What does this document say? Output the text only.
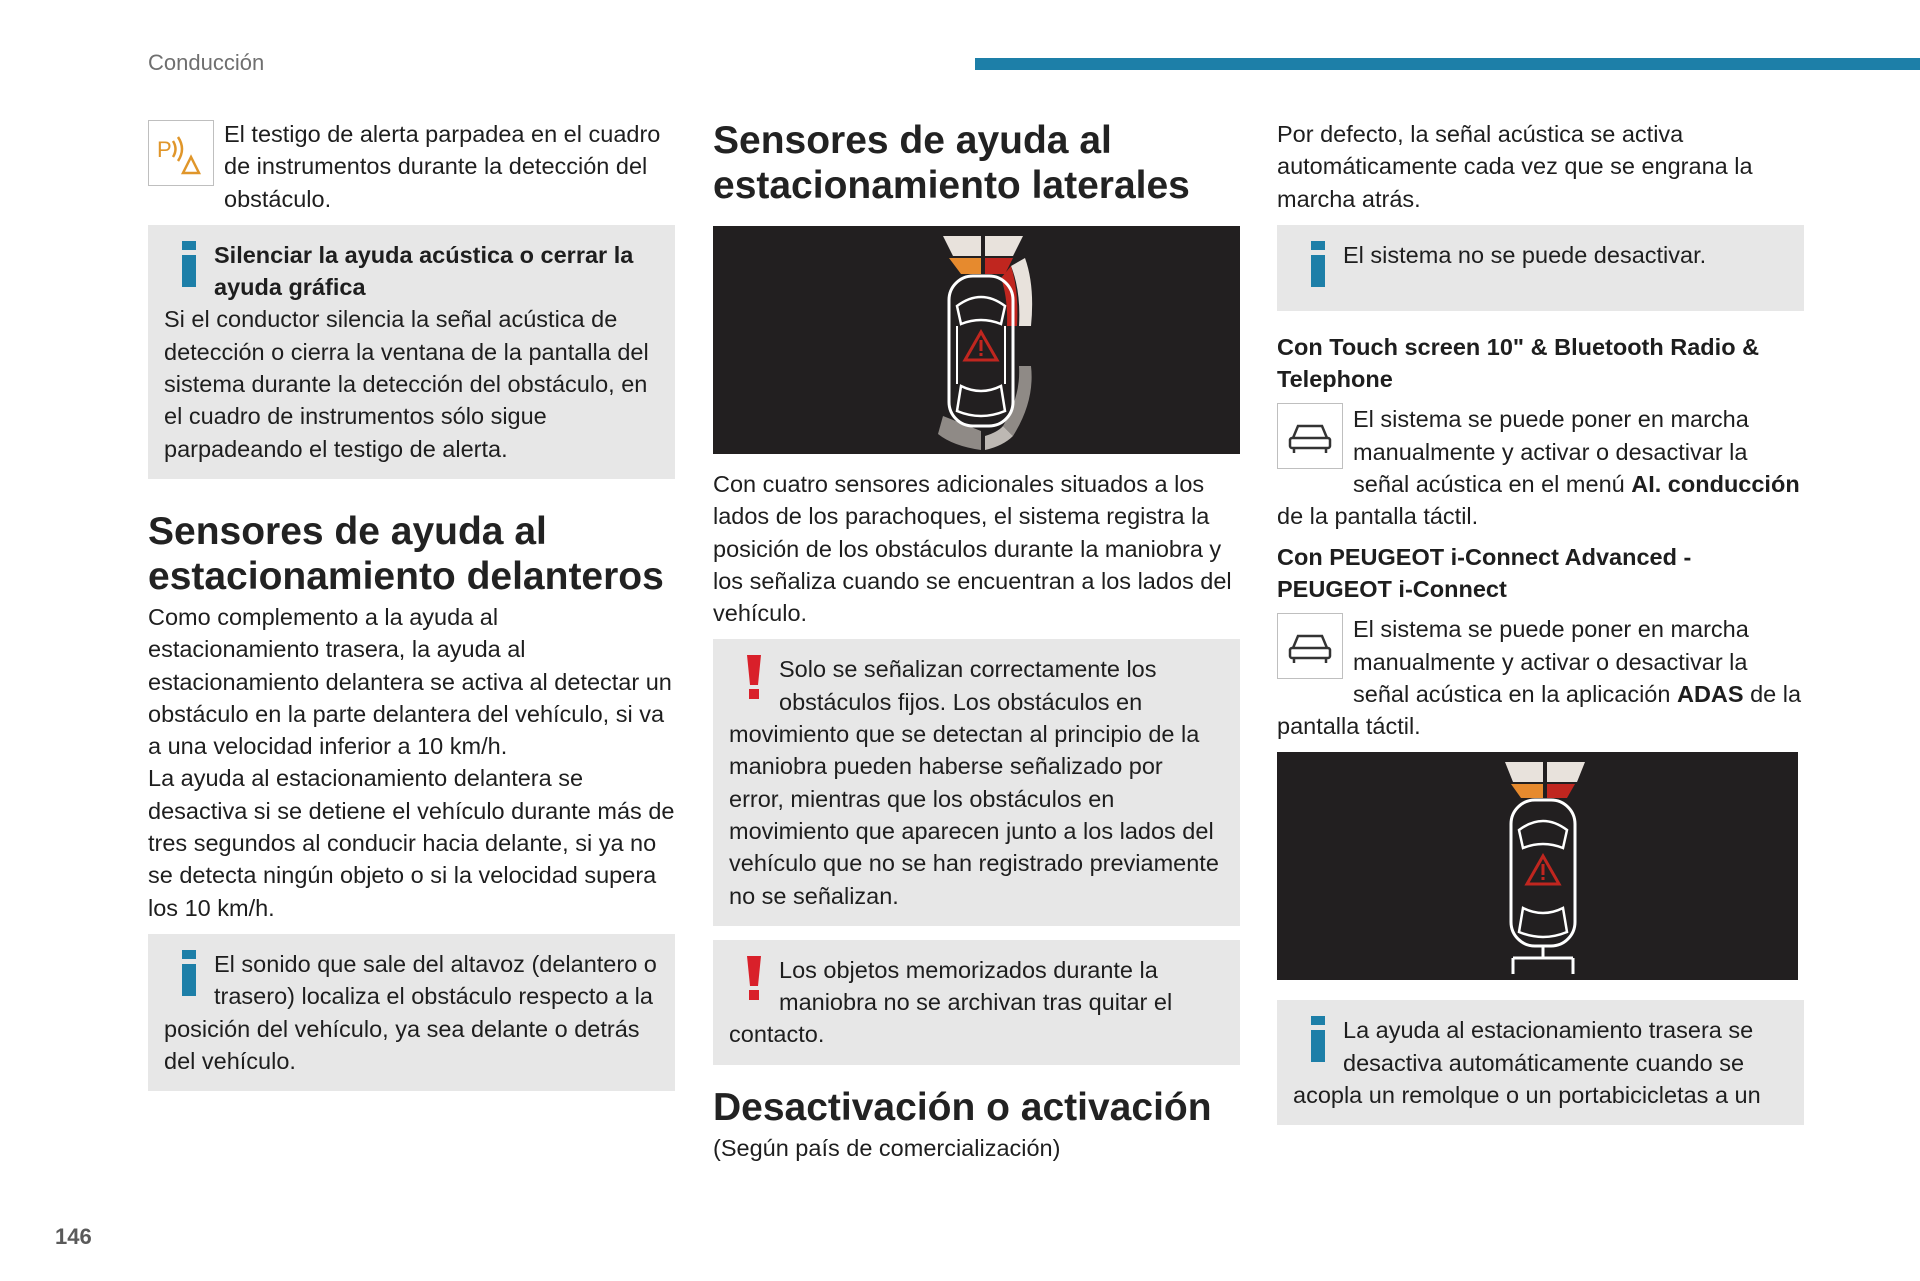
Conducción
P

El testigo de alerta parpadea en el cuadro de instrumentos durante la detección del obstáculo.

Silenciar la ayuda acústica o cerrar la ayuda gráfica

Si el conductor silencia la señal acústica de detección o cierra la ventana de la pantalla del sistema durante la detección del obstáculo, en el cuadro de instrumentos sólo sigue parpadeando el testigo de alerta.

Sensores de ayuda al estacionamiento delanteros

Como complemento a la ayuda al estacionamiento trasera, la ayuda al estacionamiento delantera se activa al detectar un obstáculo en la parte delantera del vehículo, si va a una velocidad inferior a 10 km/h.

La ayuda al estacionamiento delantera se desactiva si se detiene el vehículo durante más de tres segundos al conducir hacia delante, si ya no se detecta ningún objeto o si la velocidad supera los 10 km/h.

El sonido que sale del altavoz (delantero o trasero) localiza el obstáculo respecto a la posición del vehículo, ya sea delante o detrás del vehículo.

Sensores de ayuda al estacionamiento laterales

Con cuatro sensores adicionales situados a los lados de los parachoques, el sistema registra la posición de los obstáculos durante la maniobra y los señaliza cuando se encuentran a los lados del vehículo.

Solo se señalizan correctamente los obstáculos fijos. Los obstáculos en movimiento que se detectan al principio de la maniobra pueden haberse señalizado por error, mientras que los obstáculos en movimiento que aparecen junto a los lados del vehículo que no se han registrado previamente no se señalizan.

Los objetos memorizados durante la maniobra no se archivan tras quitar el contacto.

Desactivación o activación

(Según país de comercialización)

Por defecto, la señal acústica se activa automáticamente cada vez que se engrana la marcha atrás.

El sistema no se puede desactivar.

Con Touch screen 10" & Bluetooth Radio & Telephone

El sistema se puede poner en marcha manualmente y activar o desactivar la señal acústica en el menú AI. conducción de la pantalla táctil.

Con PEUGEOT i-Connect Advanced - PEUGEOT i-Connect

El sistema se puede poner en marcha manualmente y activar o desactivar la señal acústica en la aplicación ADAS de la pantalla táctil.

La ayuda al estacionamiento trasera se desactiva automáticamente cuando se acopla un remolque o un portabicicletas a un

146
